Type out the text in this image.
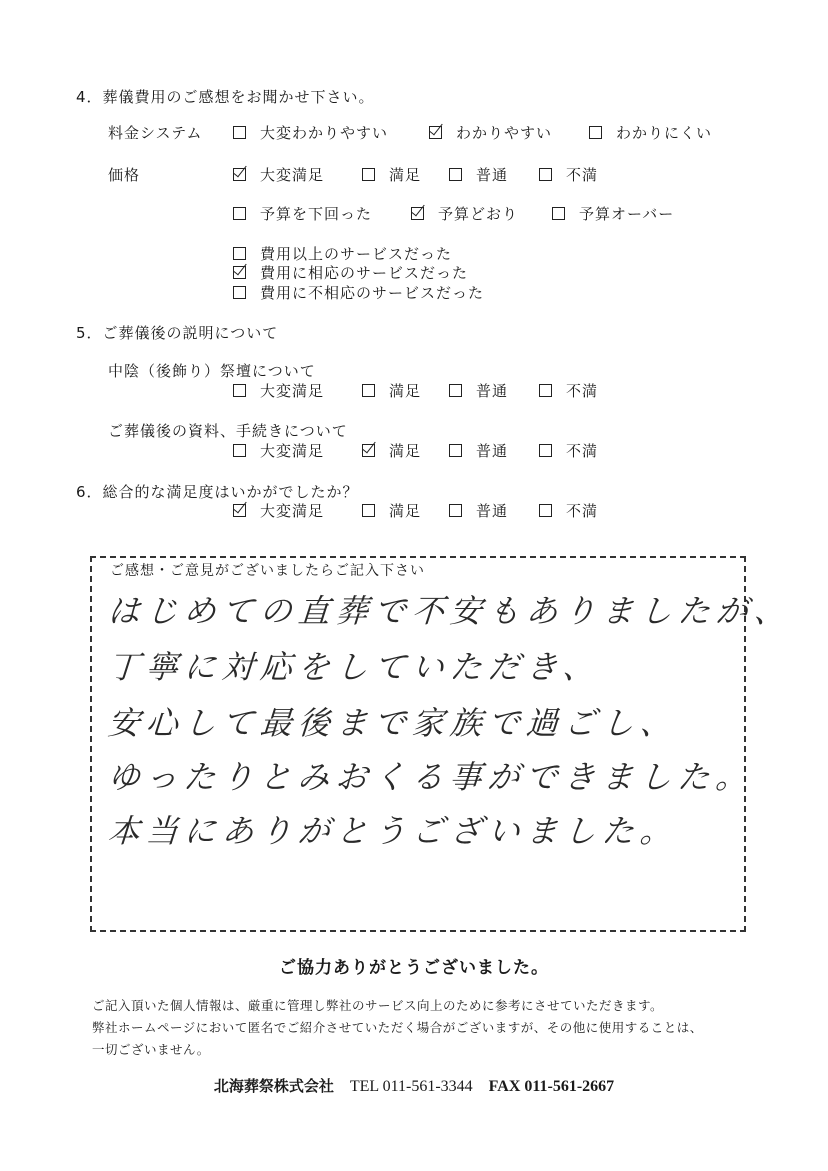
4．葬儀費用のご感想をお聞かせ下さい。
料金システム	大変わかりやすい	わかりやすい	わかりにくい
価格	大変満足	満足	普通	不満
予算を下回った	予算どおり	予算オーバー
費用以上のサービスだった
費用に相応のサービスだった
費用に不相応のサービスだった
5．ご葬儀後の説明について
中陰（後飾り）祭壇について
大変満足	満足	普通	不満
ご葬儀後の資料、手続きについて
大変満足	満足	普通	不満
6．総合的な満足度はいかがでしたか？
大変満足	満足	普通	不満
ご感想・ご意見がございましたらご記入下さい
はじめての直葬で不安もありましたが、
丁寧に対応をしていただき、
安心して最後まで家族で過ごし、
ゆったりとみおくる事ができました。
本当にありがとうございました。
ご協力ありがとうございました。
ご記入頂いた個人情報は、厳重に管理し弊社のサービス向上のために参考にさせていただきます。
弊社ホームページにおいて匿名でご紹介させていただく場合がございますが、その他に使用することは、
一切ございません。
北海葬祭株式会社 TEL 011-561-3344 FAX 011-561-2667
